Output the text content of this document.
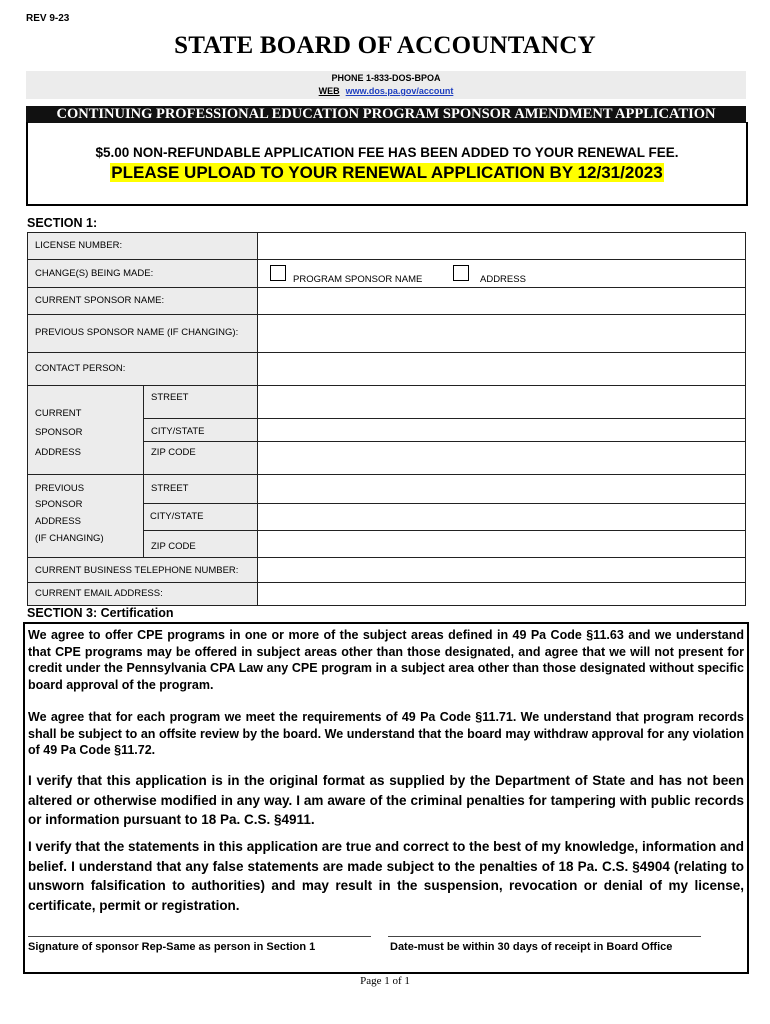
REV 9-23
STATE BOARD OF ACCOUNTANCY
PHONE 1-833-DOS-BPOA
WEB www.dos.pa.gov/account
CONTINUING PROFESSIONAL EDUCATION PROGRAM SPONSOR AMENDMENT APPLICATION
$5.00 NON-REFUNDABLE APPLICATION FEE HAS BEEN ADDED TO YOUR RENEWAL FEE.
PLEASE UPLOAD TO YOUR RENEWAL APPLICATION BY 12/31/2023
SECTION 1:
LICENSE NUMBER:
CHANGE(S) BEING MADE:
PROGRAM SPONSOR NAME	ADDRESS
CURRENT SPONSOR NAME:
PREVIOUS SPONSOR NAME (IF CHANGING):
CONTACT PERSON:
CURRENT
SPONSOR
ADDRESS
STREET
CITY/STATE
ZIP CODE
PREVIOUS
SPONSOR
ADDRESS
(IF CHANGING)
STREET
CITY/STATE
ZIP CODE
CURRENT BUSINESS TELEPHONE NUMBER:
CURRENT EMAIL ADDRESS:
SECTION 3: Certification
We agree to offer CPE programs in one or more of the subject areas defined in 49 Pa Code §11.63 and we understand that CPE programs may be offered in subject areas other than those designated, and agree that we will not present for credit under the Pennsylvania CPA Law any CPE program in a subject area other than those designated without specific board approval of the program.
We agree that for each program we meet the requirements of 49 Pa Code §11.71. We understand that program records shall be subject to an offsite review by the board. We understand that the board may withdraw approval for any violation of 49 Pa Code §11.72.
I verify that this application is in the original format as supplied by the Department of State and has not been altered or otherwise modified in any way. I am aware of the criminal penalties for tampering with public records or information pursuant to 18 Pa. C.S. §4911.
I verify that the statements in this application are true and correct to the best of my knowledge, information and belief. I understand that any false statements are made subject to the penalties of 18 Pa. C.S. §4904 (relating to unsworn falsification to authorities) and may result in the suspension, revocation or denial of my license, certificate, permit or registration.
Signature of sponsor Rep-Same as person in Section 1	Date-must be within 30 days of receipt in Board Office
Page 1 of 1
